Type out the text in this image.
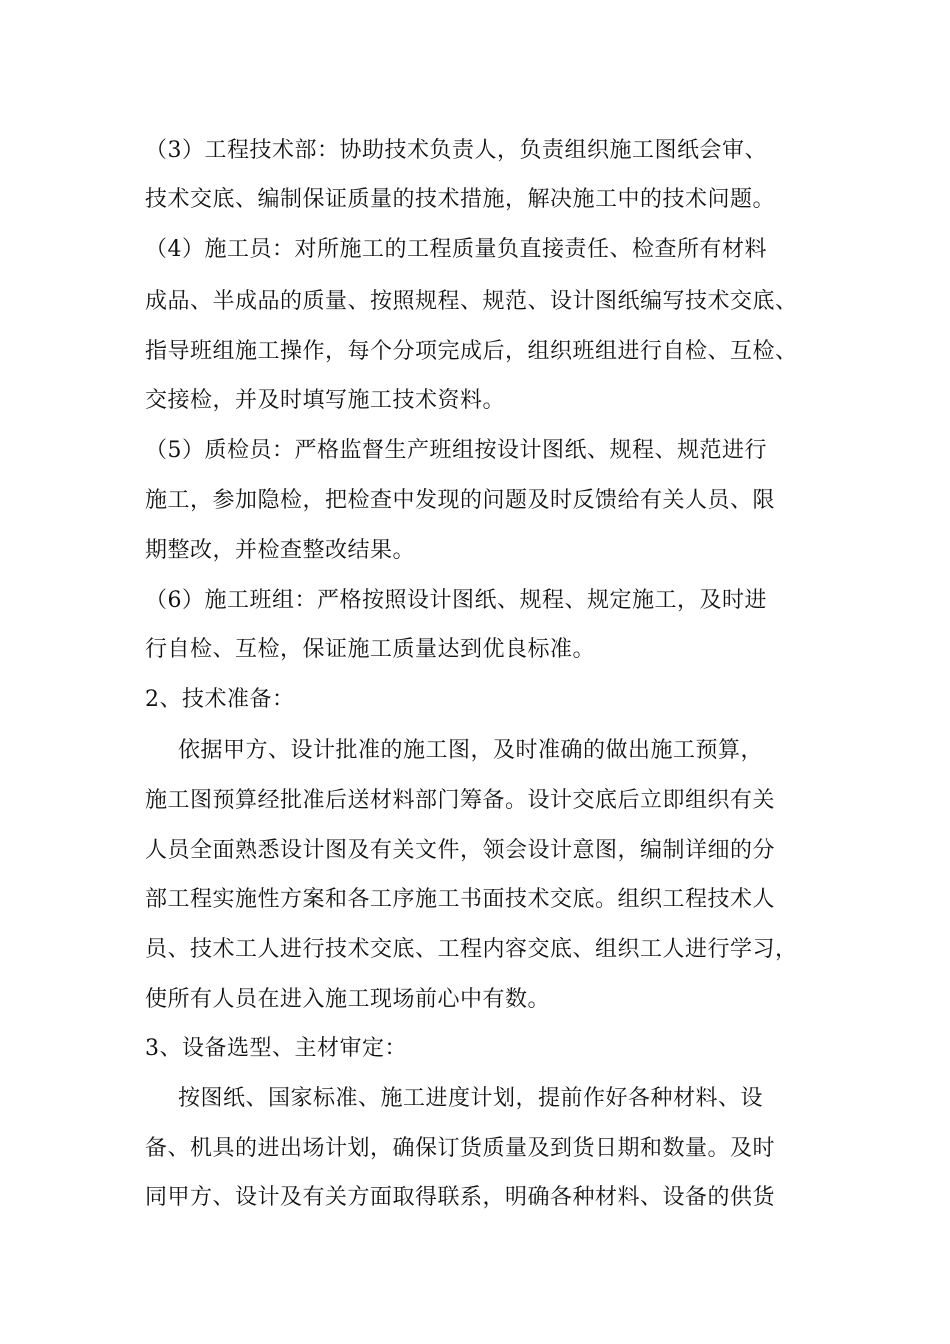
（3）工程技术部：协助技术负责人，负责组织施工图纸会审、
技术交底、编制保证质量的技术措施，解决施工中的技术问题。
（4）施工员：对所施工的工程质量负直接责任、检查所有材料
成品、半成品的质量、按照规程、规范、设计图纸编写技术交底、
指导班组施工操作，每个分项完成后，组织班组进行自检、互检、
交接检，并及时填写施工技术资料。
（5）质检员：严格监督生产班组按设计图纸、规程、规范进行
施工，参加隐检，把检查中发现的问题及时反馈给有关人员、限
期整改，并检查整改结果。
（6）施工班组：严格按照设计图纸、规程、规定施工，及时进
行自检、互检，保证施工质量达到优良标准。
2、技术准备：
依据甲方、设计批准的施工图，及时准确的做出施工预算，
施工图预算经批准后送材料部门筹备。设计交底后立即组织有关
人员全面熟悉设计图及有关文件，领会设计意图，编制详细的分
部工程实施性方案和各工序施工书面技术交底。组织工程技术人
员、技术工人进行技术交底、工程内容交底、组织工人进行学习，
使所有人员在进入施工现场前心中有数。
3、设备选型、主材审定：
按图纸、国家标准、施工进度计划，提前作好各种材料、设
备、机具的进出场计划，确保订货质量及到货日期和数量。及时
同甲方、设计及有关方面取得联系，明确各种材料、设备的供货
